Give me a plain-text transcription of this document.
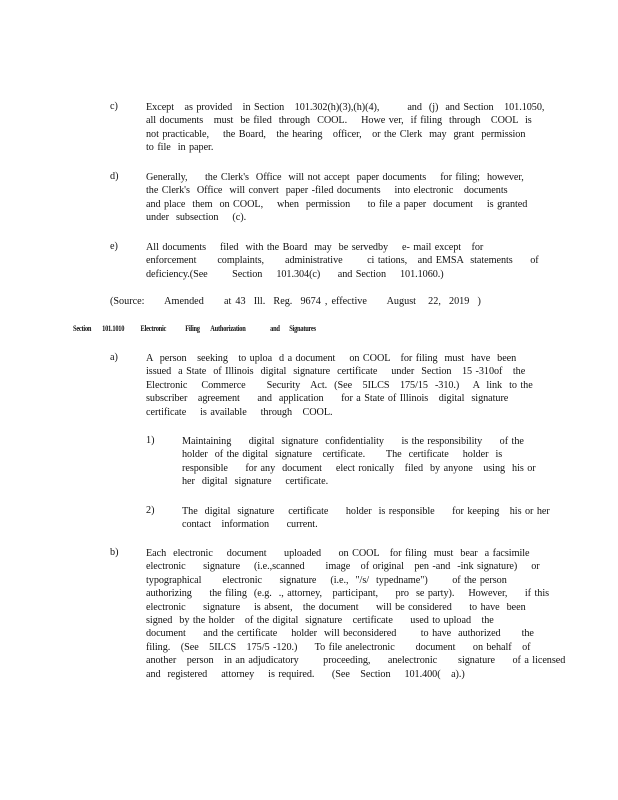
c)	Except   as provided   in Section   101.302(h)(3),(h)(4),        and  (j)  and Section   101.1050,
all documents   must  be filed  through  COOL.    Howe ver,  if filing  through   COOL  is
not practicable,    the Board,   the hearing   officer,   or the Clerk  may  grant  permission
to file  in paper.
d)	Generally,     the Clerk's  Office  will not accept  paper documents    for filing;  however,
the Clerk's  Office  will convert  paper -filed documents    into electronic   documents
and place  them  on COOL,    when  permission     to file a paper  document    is granted
under  subsection    (c).
e)	All documents    filed  with the Board  may  be servedby    e- mail except   for
enforcement      complaints,      administrative       ci tations,   and EMSA  statements     of
deficiency.(See       Section    101.304(c)     and Section    101.1060.)
(Source:     Amended     at 43  Ill.  Reg.  9674 , effective     August   22,  2019  )
Section        101.1010            Electronic              Filing        Authorization                  and       Signatures
a)	A  person   seeking   to uploa  d a document    on COOL   for filing  must  have  been
issued  a State  of Illinois  digital  signature  certificate    under  Section   15 -310of   the
Electronic    Commerce      Security   Act.  (See   5ILCS   175/15  -310.)    A  link  to the
subscriber   agreement     and  application     for a State of Illinois   digital  signature
certificate    is available    through   COOL.
1)	Maintaining     digital  signature  confidentiality     is the responsibility     of the
holder  of the digital  signature   certificate.      The  certificate    holder  is
responsible     for any  document    elect ronically   filed  by anyone   using  his or
her  digital  signature    certificate.
2)	The  digital  signature    certificate     holder  is responsible     for keeping   his or her
contact   information     current.
b)	Each  electronic    document     uploaded     on COOL   for filing  must  bear  a facsimile
electronic     signature    (i.e.,scanned      image   of original   pen -and  -ink signature)    or
typographical      electronic     signature    (i.e.,  "/s/  typedname")       of the person
authorizing     the filing  (e.g.  ., attorney,   participant,     pro  se party).    However,     if this
electronic     signature    is absent,   the document     will be considered     to have  been
signed  by the holder   of the digital  signature   certificate     used to upload   the
document     and the certificate    holder  will beconsidered       to have  authorized      the
filing.   (See   5ILCS   175/5 -120.)     To file anelectronic      document     on behalf   of
another   person   in an adjudicatory       proceeding,     anelectronic      signature     of a licensed
and  registered    attorney    is required.     (See   Section    101.400(   a).)
